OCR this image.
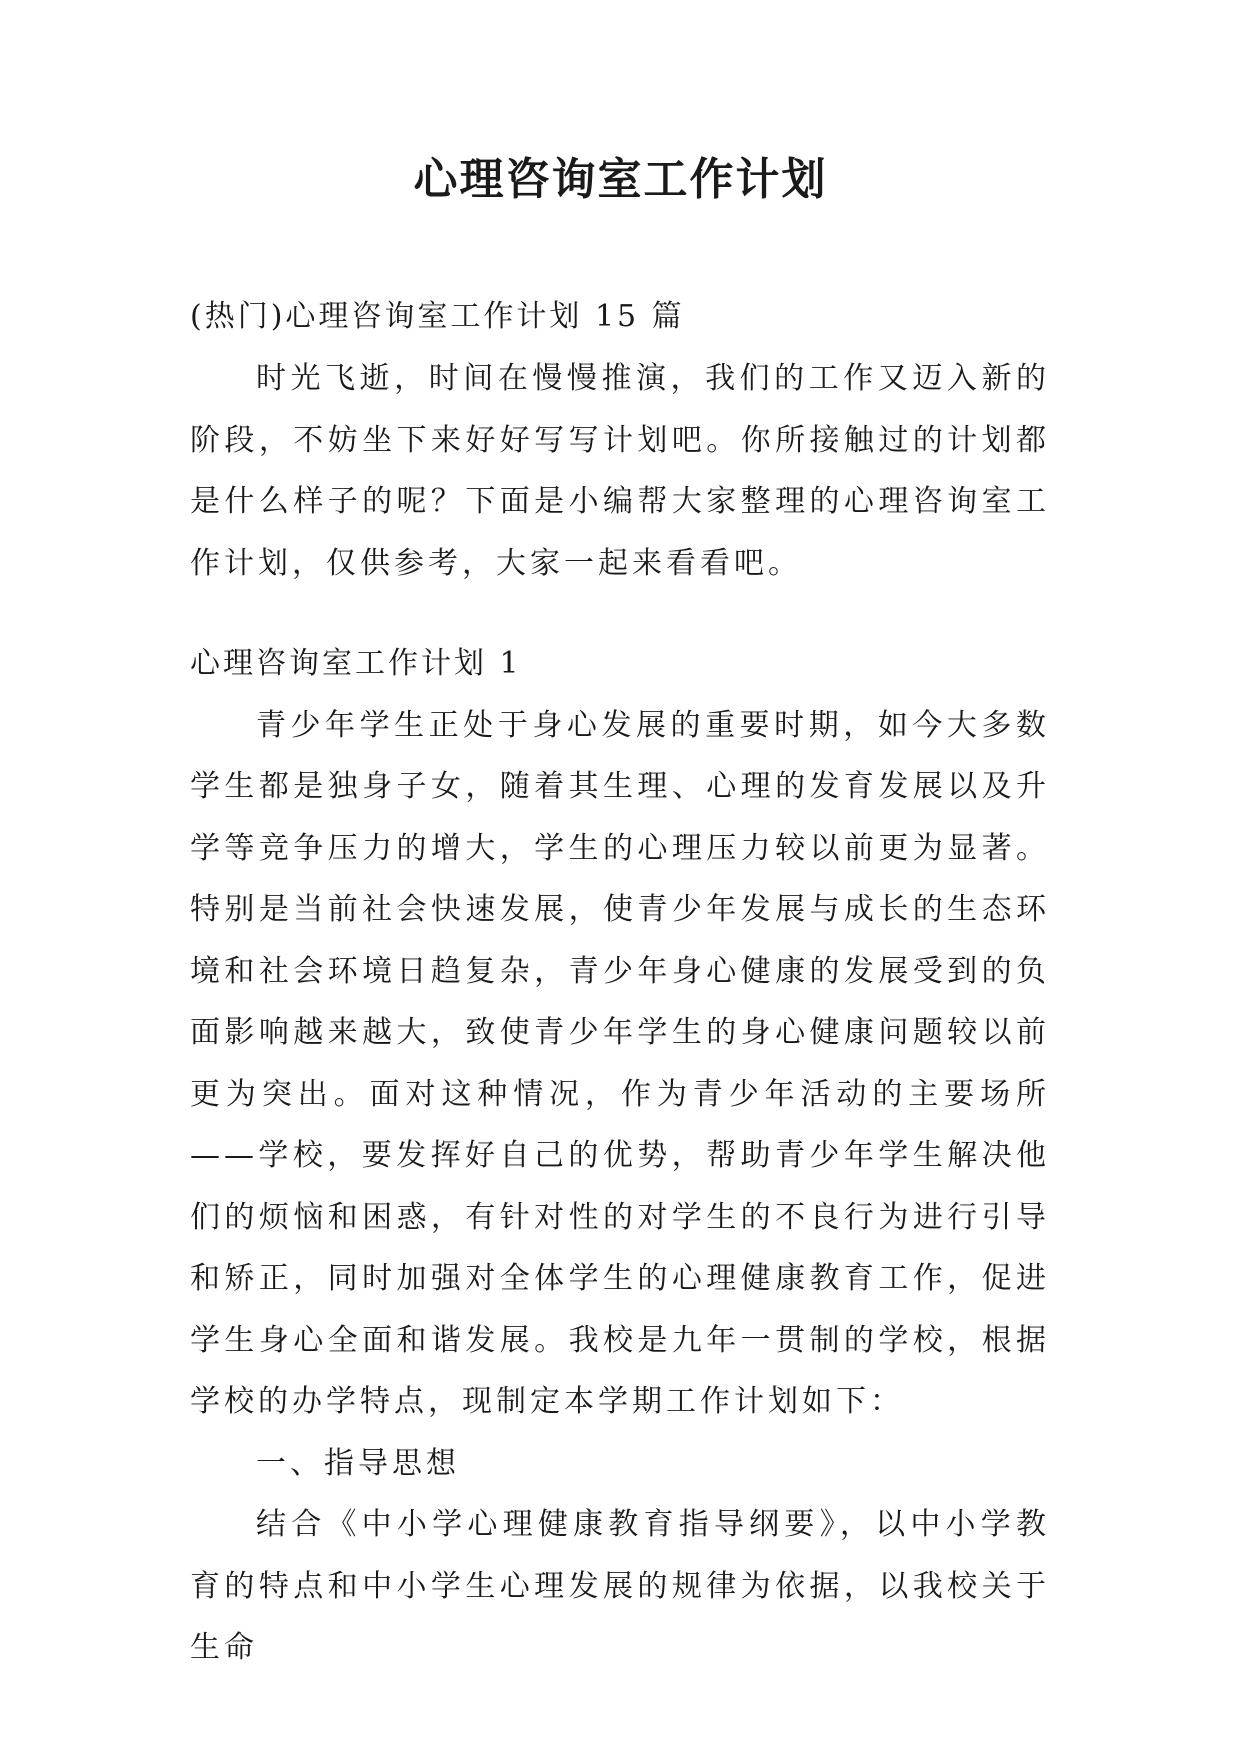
心理咨询室工作计划

(热门)心理咨询室工作计划 15 篇

时光飞逝，时间在慢慢推演，我们的工作又迈入新的阶段，不妨坐下来好好写写计划吧。你所接触过的计划都是什么样子的呢？下面是小编帮大家整理的心理咨询室工作计划，仅供参考，大家一起来看看吧。

心理咨询室工作计划 1

青少年学生正处于身心发展的重要时期，如今大多数学生都是独身子女，随着其生理、心理的发育发展以及升学等竞争压力的增大，学生的心理压力较以前更为显著。特别是当前社会快速发展，使青少年发展与成长的生态环境和社会环境日趋复杂，青少年身心健康的发展受到的负面影响越来越大，致使青少年学生的身心健康问题较以前更为突出。面对这种情况，作为青少年活动的主要场所——学校，要发挥好自己的优势，帮助青少年学生解决他们的烦恼和困惑，有针对性的对学生的不良行为进行引导和矫正，同时加强对全体学生的心理健康教育工作，促进学生身心全面和谐发展。我校是九年一贯制的学校，根据学校的办学特点，现制定本学期工作计划如下：

一、指导思想

结合《中小学心理健康教育指导纲要》，以中小学教育的特点和中小学生心理发展的规律为依据，以我校关于生命
